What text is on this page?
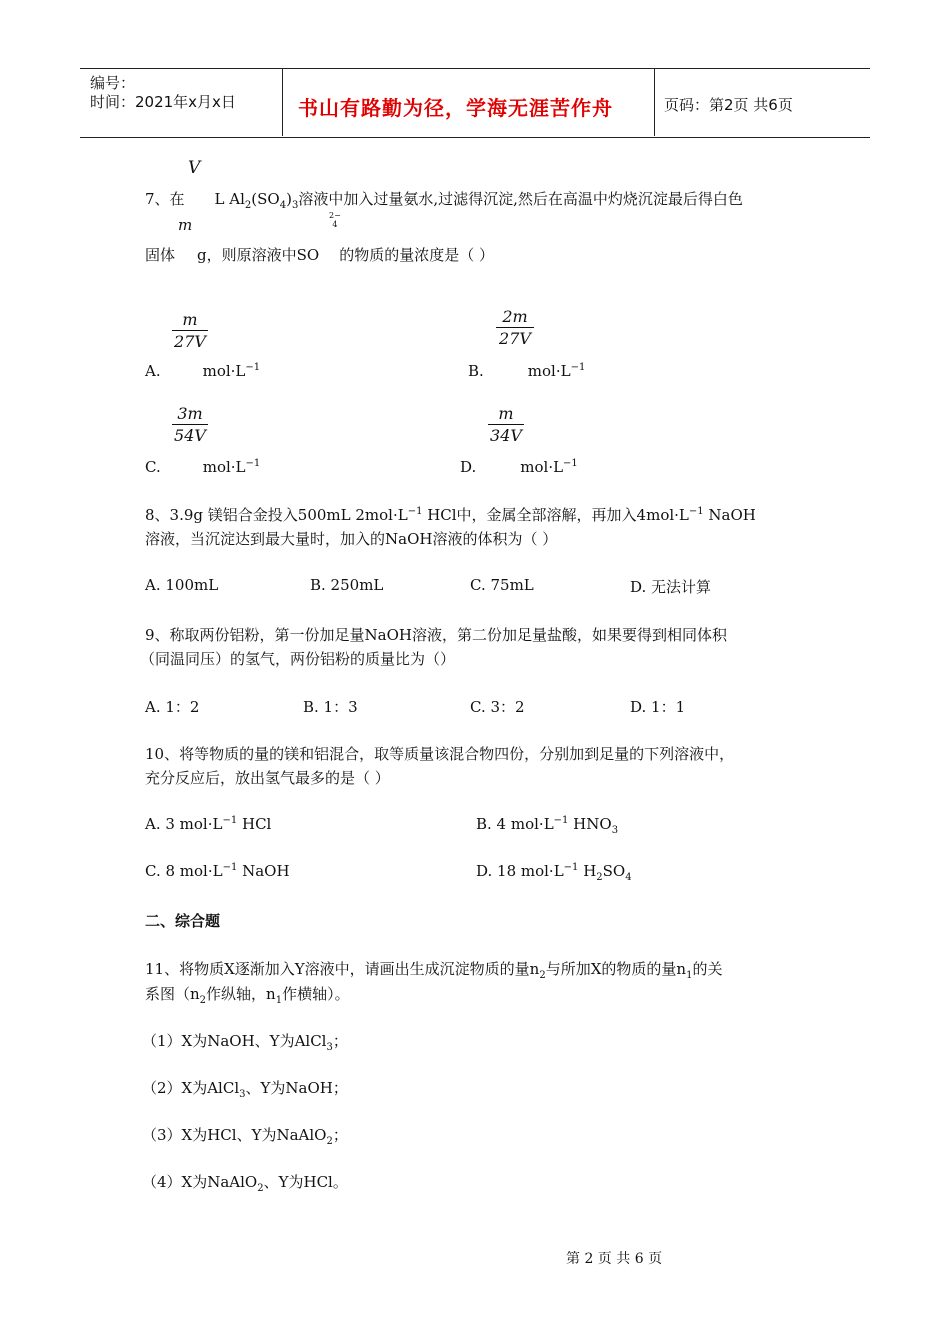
编号：
时间：2021年x月x日	书山有路勤为径，学海无涯苦作舟	页码：第2页 共6页
V
7、在 L $Al_2(SO_4)_3$溶液中加入过量氨水,过滤得沉淀,然后在高温中灼烧沉淀最后得白色
m
2−
4
固体 g，则原溶液中SO 的物质的量浓度是（ ）
$\frac{m}{27V}$
A.	$mol\cdot L^{-1}$
$\frac{2m}{27V}$
B.	$mol\cdot L^{-1}$
$\frac{3m}{54V}$
C.	$mol\cdot L^{-1}$
$\frac{m}{34V}$
D.	$mol\cdot L^{-1}$
8、3.9g 镁铝合金投入500mL $2mol\cdot L^{-1}$ HCl中，金属全部溶解，再加入$4mol\cdot L^{-1}$ NaOH
溶液，当沉淀达到最大量时，加入的NaOH溶液的体积为（ ）
A. 100mL	B. 250mL	C. 75mL	D. 无法计算
9、称取两份铝粉，第一份加足量NaOH溶液，第二份加足量盐酸，如果要得到相同体积
（同温同压）的氢气，两份铝粉的质量比为（）
A. 1：2	B. 1：3	C. 3：2	D. 1：1
10、将等物质的量的镁和铝混合，取等质量该混合物四份，分别加到足量的下列溶液中，
充分反应后，放出氢气最多的是（ ）
A. 3 $mol\cdot L^{-1}$ HCl	B. 4 $mol\cdot L^{-1}$ $HNO_3$
C. 8 $mol\cdot L^{-1}$ NaOH	D. 18 $mol\cdot L^{-1}$ $H_2SO_4$
二、综合题
11、将物质X逐渐加入Y溶液中，请画出生成沉淀物质的量$n_2$与所加X的物质的量$n_1$的关
系图（$n_2$作纵轴，$n_1$作横轴）。
（1）X为NaOH、Y为AlCl$_3$；
（2）X为AlCl$_3$、Y为NaOH；
（3）X为HCl、Y为NaAlO$_2$；
（4）X为NaAlO$_2$、Y为HCl。
第 2 页 共 6 页
